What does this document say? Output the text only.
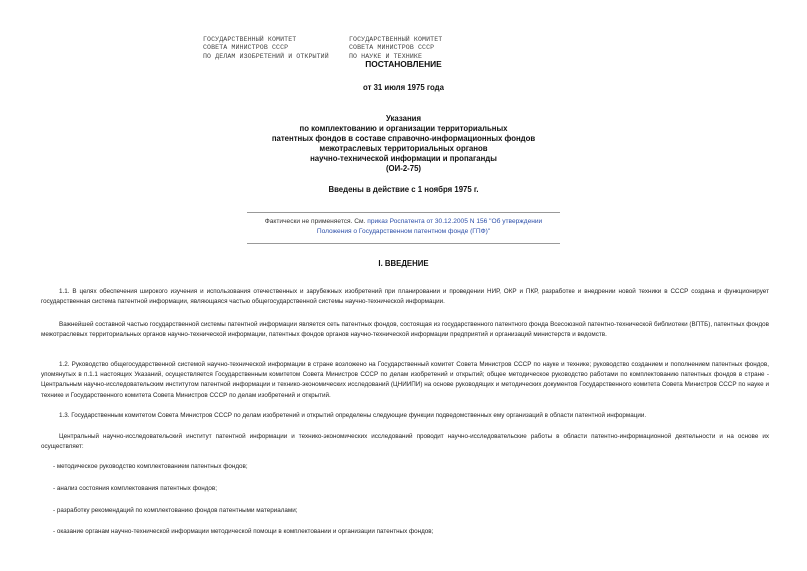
ГОСУДАРСТВЕННЫЙ КОМИТЕТ
СОВЕТА МИНИСТРОВ СССР
ПО ДЕЛАМ ИЗОБРЕТЕНИЙ И ОТКРЫТИЙ
ГОСУДАРСТВЕННЫЙ КОМИТЕТ
СОВЕТА МИНИСТРОВ СССР
ПО НАУКЕ И ТЕХНИКЕ
ПОСТАНОВЛЕНИЕ
от 31 июля 1975 года
Указания
по комплектованию и организации территориальных
патентных фондов в составе справочно-информационных фондов
межотраслевых территориальных органов
научно-технической информации и пропаганды
(ОИ-2-75)
Введены в действие с 1 ноября 1975 г.
Фактически не применяется. См. приказ Роспатента от 30.12.2005 N 156 "Об утверждении Положения о Государственном патентном фонде (ГПФ)"
I. ВВЕДЕНИЕ
1.1. В целях обеспечения широкого изучения и использования отечественных и зарубежных изобретений при планировании и проведении НИР, ОКР и ПКР, разработке и внедрении новой техники в СССР создана и функционирует государственная система патентной информации, являющаяся частью общегосударственной системы научно-технической информации.
Важнейшей составной частью государственной системы патентной информации является сеть патентных фондов, состоящая из государственного патентного фонда Всесоюзной патентно-технической библиотеки (ВПТБ), патентных фондов межотраслевых территориальных органов научно-технической информации, патентных фондов органов научно-технической информации предприятий и организаций министерств и ведомств.
1.2. Руководство общегосударственной системой научно-технической информации в стране возложено на Государственный комитет Совета Министров СССР по науке и технике; руководство созданием и пополнением патентных фондов, упомянутых в п.1.1 настоящих Указаний, осуществляется Государственным комитетом Совета Министров СССР по делам изобретений и открытий; общее методическое руководство работами по комплектованию патентных фондов в стране - Центральным научно-исследовательским институтом патентной информации и технико-экономических исследований (ЦНИИПИ) на основе руководящих и методических документов Государственного комитета Совета Министров СССР по науке и технике и Государственного комитета Совета Министров СССР по делам изобретений и открытий.
1.3. Государственным комитетом Совета Министров СССР по делам изобретений и открытий определены следующие функции подведомственных ему организаций в области патентной информации.
Центральный научно-исследовательский институт патентной информации и технико-экономических исследований проводит научно-исследовательские работы в области патентно-информационной деятельности и на основе их осуществляет:
- методическое руководство комплектованием патентных фондов;
- анализ состояния комплектования патентных фондов;
- разработку рекомендаций по комплектованию фондов патентными материалами;
- оказание органам научно-технической информации методической помощи в комплектовании и организации патентных фондов;
